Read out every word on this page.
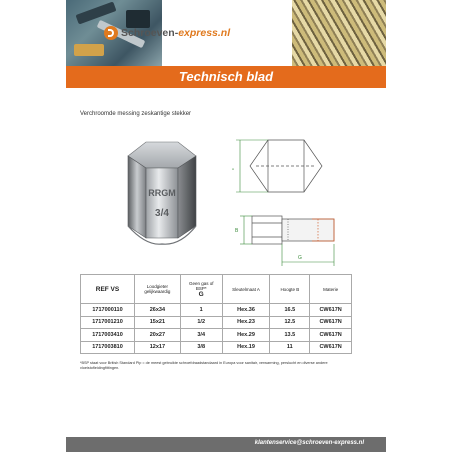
Schroeven-express.nl
Technisch blad
Verchroomde messing zeskantige stekker
RRGM
3/4
A
B
G
REF VS	Loodgieter gelijkwaardig	Geen gas of
BSP*
G	Sleutelmaat A	Hoogte B	Materie
1717000110	26x34	1	Hex.36	16.5	CW617N
1717001210	15x21	1/2	Hex.23	12.5	CW617N
1717003410	20x27	3/4	Hex.29	13.5	CW617N
1717003810	12x17	3/8	Hex.19	11	CW617N
*BSP staat voor British Standard Pip = de meest gebruikte schroefdraadstandaard in Europa voor sanitair, verwarming, perslucht en diverse andere vloeistofleidingfittingen.
klantenservice@schroeven-express.nl
